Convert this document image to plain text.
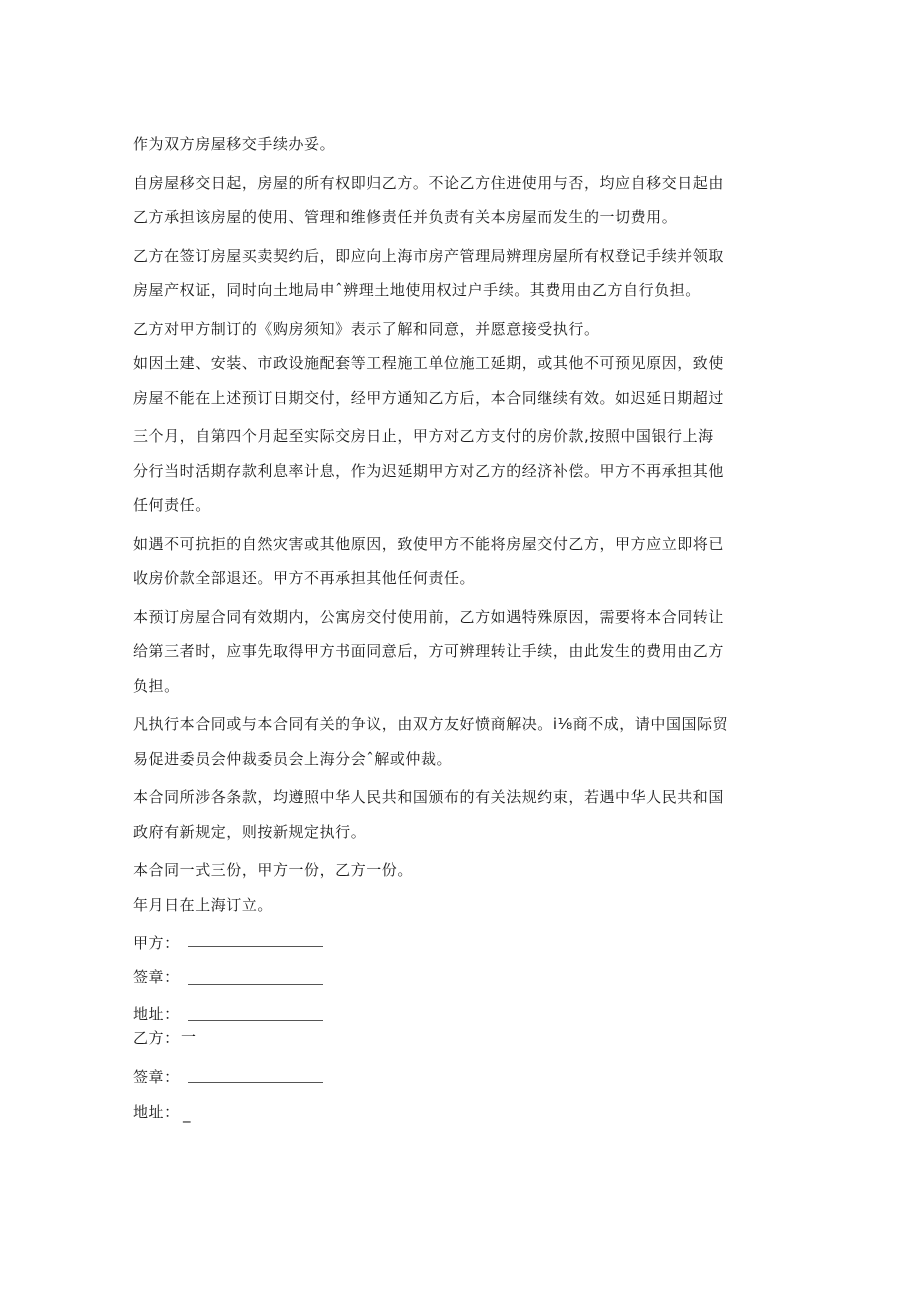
作为双方房屋移交手续办妥。
自房屋移交日起，房屋的所有权即归乙方。不论乙方住进使用与否，均应自移交日起由
乙方承担该房屋的使用、管理和维修责任并负责有关本房屋而发生的一切费用。
乙方在签订房屋买卖契约后，即应向上海市房产管理局辨理房屋所有权登记手续并领取
房屋产权证，同时向土地局申ˆ辨理土地使用权过户手续。其费用由乙方自行负担。
乙方对甲方制订的《购房须知》表示了解和同意，并愿意接受执行。
如因土建、安装、市政设施配套等工程施工单位施工延期，或其他不可预见原因，致使
房屋不能在上述预订日期交付，经甲方通知乙方后，本合同继续有效。如迟延日期超过
三个月，自第四个月起至实际交房日止，甲方对乙方支付的房价款,按照中国银行上海
分行当时活期存款利息率计息，作为迟延期甲方对乙方的经济补偿。甲方不再承担其他
任何责任。
如遇不可抗拒的自然灾害或其他原因，致使甲方不能将房屋交付乙方，甲方应立即将已
收房价款全部退还。甲方不再承担其他任何责任。
本预订房屋合同有效期内，公寓房交付使用前，乙方如遇特殊原因，需要将本合同转让
给第三者时，应事先取得甲方书面同意后，方可辨理转让手续，由此发生的费用由乙方
负担。
凡执行本合同或与本合同有关的争议，由双方友好愤商解决。i⅛商不成，请中国国际贸
易促进委员会仲裁委员会上海分会ˆ解或仲裁。
本合同所涉各条款，均遵照中华人民共和国颁布的有关法规约束，若遇中华人民共和国
政府有新规定，则按新规定执行。
本合同一式三份，甲方一份，乙方一份。
年月日在上海订立。
甲方：
签章：
地址：
乙方： 一
签章：
地址： _
